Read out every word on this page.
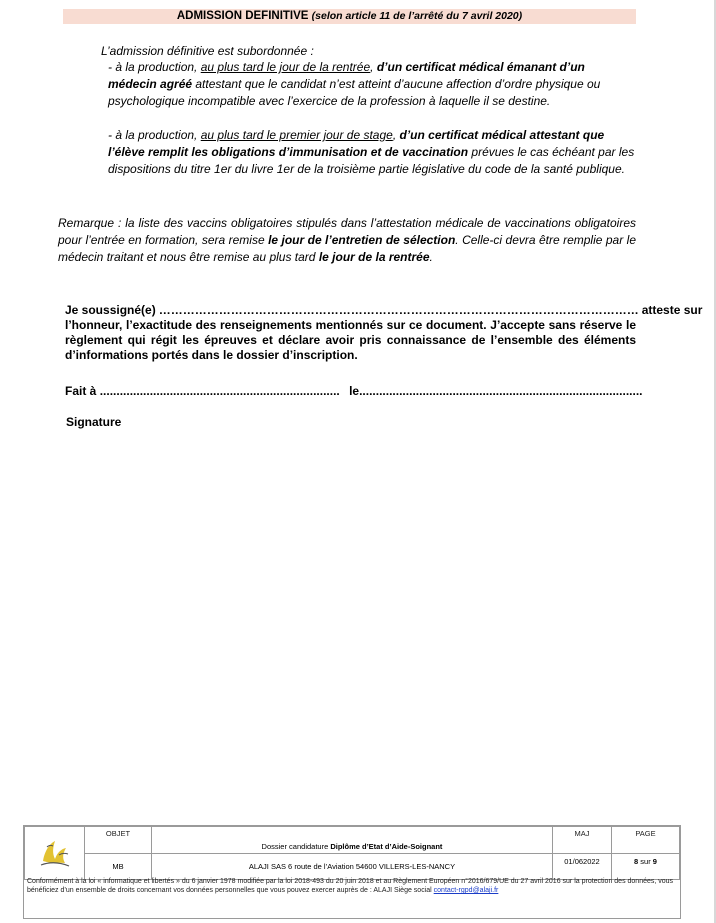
ADMISSION DEFINITIVE (selon article 11 de l’arrêté du 7 avril 2020)
L’admission définitive est subordonnée :
- à la production, au plus tard le jour de la rentrée, d’un certificat médical émanant d’un médecin agréé attestant que le candidat n’est atteint d’aucune affection d’ordre physique ou psychologique incompatible avec l’exercice de la profession à laquelle il se destine.
- à la production, au plus tard le premier jour de stage, d’un certificat médical attestant que l’élève remplit les obligations d’immunisation et de vaccination prévues le cas échéant par les dispositions du titre 1er du livre 1er de la troisième partie législative du code de la santé publique.
Remarque : la liste des vaccins obligatoires stipulés dans l’attestation médicale de vaccinations obligatoires pour l’entrée en formation, sera remise le jour de l’entretien de sélection. Celle-ci devra être remplie par le médecin traitant et nous être remise au plus tard le jour de la rentrée.
Je soussigné(e) ………………………………………………………………………………………………………… atteste sur
l’honneur, l’exactitude des renseignements mentionnés sur ce document. J’accepte sans réserve le règlement qui régit les épreuves et déclare avoir pris connaissance de l’ensemble des éléments d’informations portés dans le dossier d’inscription.
Fait à ........................................................................ le.....................................................................................
Signature
	OBJET	Dossier candidature Diplôme d’Etat d’Aide-Soignant	MAJ	PAGE
	MB	ALAJI SAS 6 route de l’Aviation 54600 VILLERS-LES-NANCY	01/062022	8 sur 9
Conformément à la loi « informatique et libertés » du 6 janvier 1978 modifiée par la loi 2018-493 du 20 juin 2018 et au Règlement Européen n°2016/679/UE du 27 avril 2016 sur la protection des données, vous bénéficiez d’un ensemble de droits concernant vos données personnelles que vous pouvez exercer auprès de : ALAJI Siège social contact-rgpd@alaji.fr
